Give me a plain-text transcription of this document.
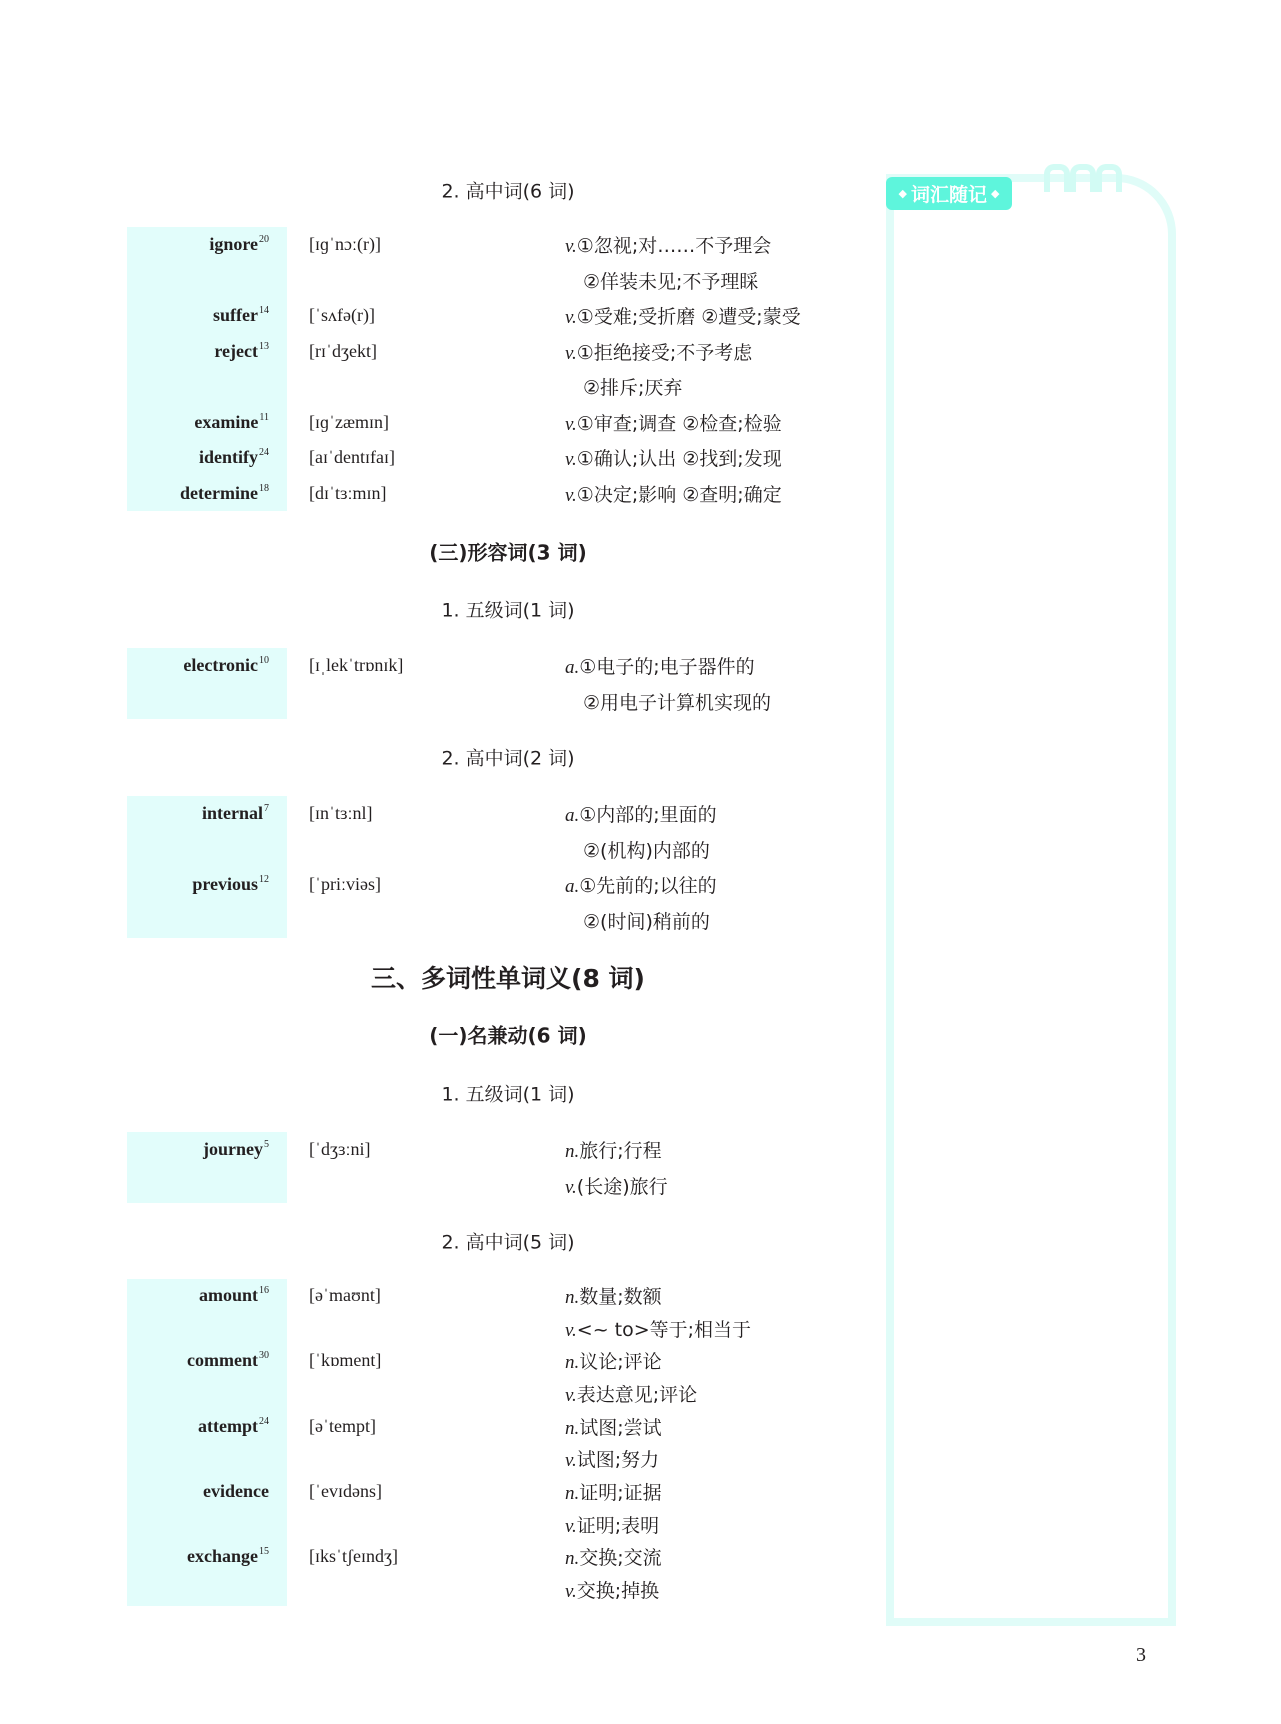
2. 高中词(6 词)
ignore$^{20}$ [ɪɡˈnɔː(r)]	v.①忽视;对……不予理会
②佯装未见;不予理睬
suffer$^{14}$ [ˈsʌfə(r)]	v.①受难;受折磨 ②遭受;蒙受
reject$^{13}$ [rɪˈdʒekt]	v.①拒绝接受;不予考虑
②排斥;厌弃
examine$^{11}$ [ɪɡˈzæmɪn]	v.①审查;调查 ②检查;检验
identify$^{24}$ [aɪˈdentɪfaɪ]	v.①确认;认出 ②找到;发现
determine$^{18}$ [dɪˈtɜːmɪn]	v.①决定;影响 ②查明;确定
(三)形容词(3 词)
1. 五级词(1 词)
electronic$^{10}$ [ɪˌlekˈtrɒnɪk]	a.①电子的;电子器件的
②用电子计算机实现的
2. 高中词(2 词)
internal$^7$ [ɪnˈtɜːnl]	a.①内部的;里面的
②(机构)内部的
previous$^{12}$ [ˈpriːviəs]	a.①先前的;以往的
②(时间)稍前的
三、多词性单词义(8 词)
(一)名兼动(6 词)
1. 五级词(1 词)
journey$^5$ [ˈdʒɜːni]	n.旅行;行程
v.(长途)旅行
2. 高中词(5 词)
amount$^{16}$ [əˈmaʊnt]	n.数量;数额
v.<~ to>等于;相当于
comment$^{30}$ [ˈkɒment]	n.议论;评论
v.表达意见;评论
attempt$^{24}$ [əˈtempt]	n.试图;尝试
v.试图;努力
evidence [ˈevɪdəns]	n.证明;证据
v.证明;表明
exchange$^{15}$ [ɪksˈtʃeɪndʒ]	n.交换;交流
v.交换;掉换
◆ 词汇随记 ◆
3
